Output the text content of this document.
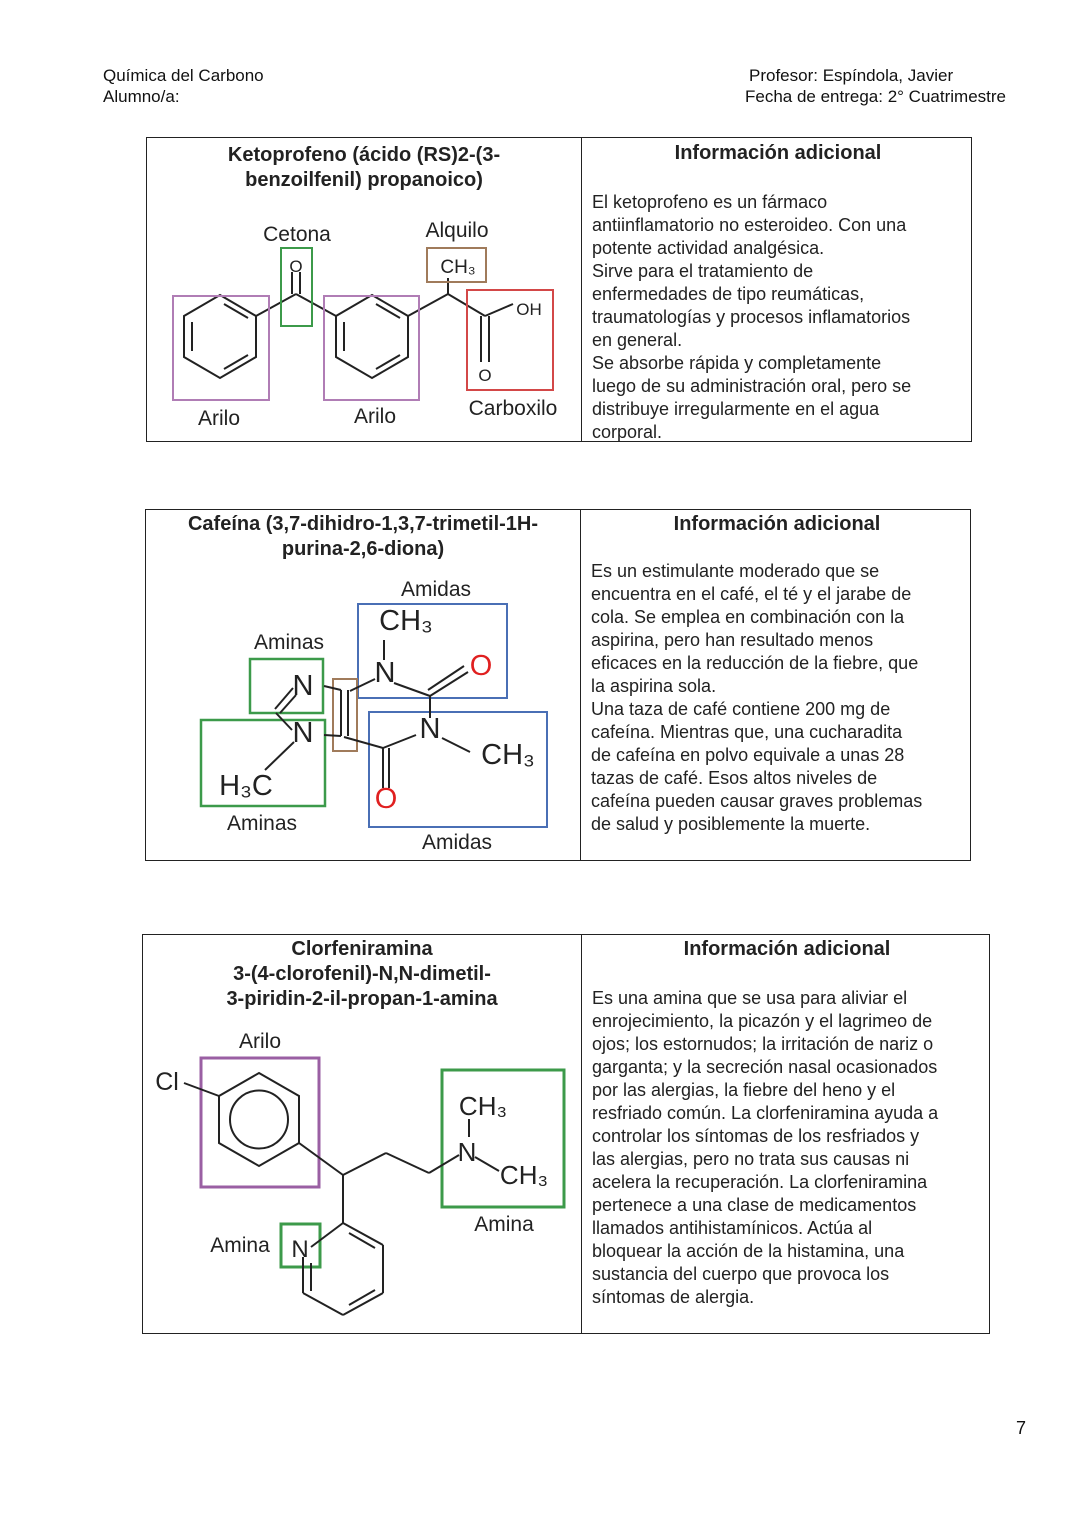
Química del Carbono
Alumno/a:
Profesor: Espíndola, Javier
Fecha de entrega: 2° Cuatrimestre
Ketoprofeno (ácido (RS)2-(3-
benzoilfenil) propanoico)
Información adicional
El ketoprofeno es un fármaco
antiinflamatorio no esteroideo. Con una
potente actividad analgésica.
Sirve para el tratamiento de
enfermedades de tipo reumáticas,
traumatologías y procesos inflamatorios
en general.
Se absorbe rápida y completamente
luego de su administración oral, pero se
distribuye irregularmente en el agua
corporal.
Cetona	Alquilo
Arilo	Arilo	Carboxilo
O	CH₃
OH
O
Cafeína (3,7-dihidro-1,3,7-trimetil-1H-
purina-2,6-diona)
Información adicional
Es un estimulante moderado que se
encuentra en el café, el té y el jarabe de
cola. Se emplea en combinación con la
aspirina, pero han resultado menos
eficaces en la reducción de la fiebre, que
la aspirina sola.
Una taza de café contiene 200 mg de
cafeína. Mientras que, una cucharadita
de cafeína en polvo equivale a unas 28
tazas de café. Esos altos niveles de
cafeína pueden causar graves problemas
de salud y posiblemente la muerte.
Amidas
Aminas
Aminas
Amidas
CH₃
N	O
N
N	N
CH₃
H₃C	O
Clorfeniramina
3-(4-clorofenil)-N,N-dimetil-
3-piridin-2-il-propan-1-amina
Información adicional
Es una amina que se usa para aliviar el
enrojecimiento, la picazón y el lagrimeo de
ojos; los estornudos; la irritación de nariz o
garganta; y la secreción nasal ocasionados
por las alergias, la fiebre del heno y el
resfriado común. La clorfeniramina ayuda a
controlar los síntomas de los resfriados y
las alergias, pero no trata sus causas ni
acelera la recuperación. La clorfeniramina
pertenece a una clase de medicamentos
llamados antihistamínicos. Actúa al
bloquear la acción de la histamina, una
sustancia del cuerpo que provoca los
síntomas de alergia.
Arilo
Cl
CH₃
N
CH₃
Amina
Amina N
7
